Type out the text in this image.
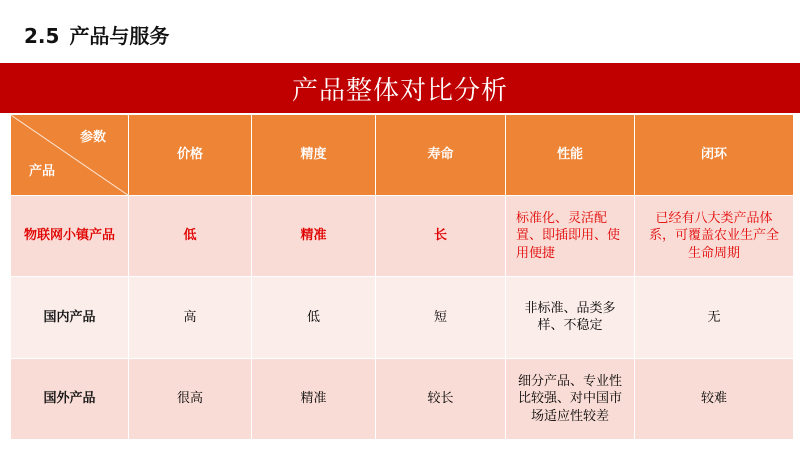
2.5 产品与服务
产品整体对比分析
参数
产品	价格	精度	寿命	性能	闭环
物联网小镇产品	低	精准	长	标准化、灵活配置、即插即用、使用便捷	已经有八大类产品体系，可覆盖农业生产全生命周期
国内产品	高	低	短	非标准、品类多样、不稳定	无
国外产品	很高	精准	较长	细分产品、专业性比较强、对中国市场适应性较差	较难
